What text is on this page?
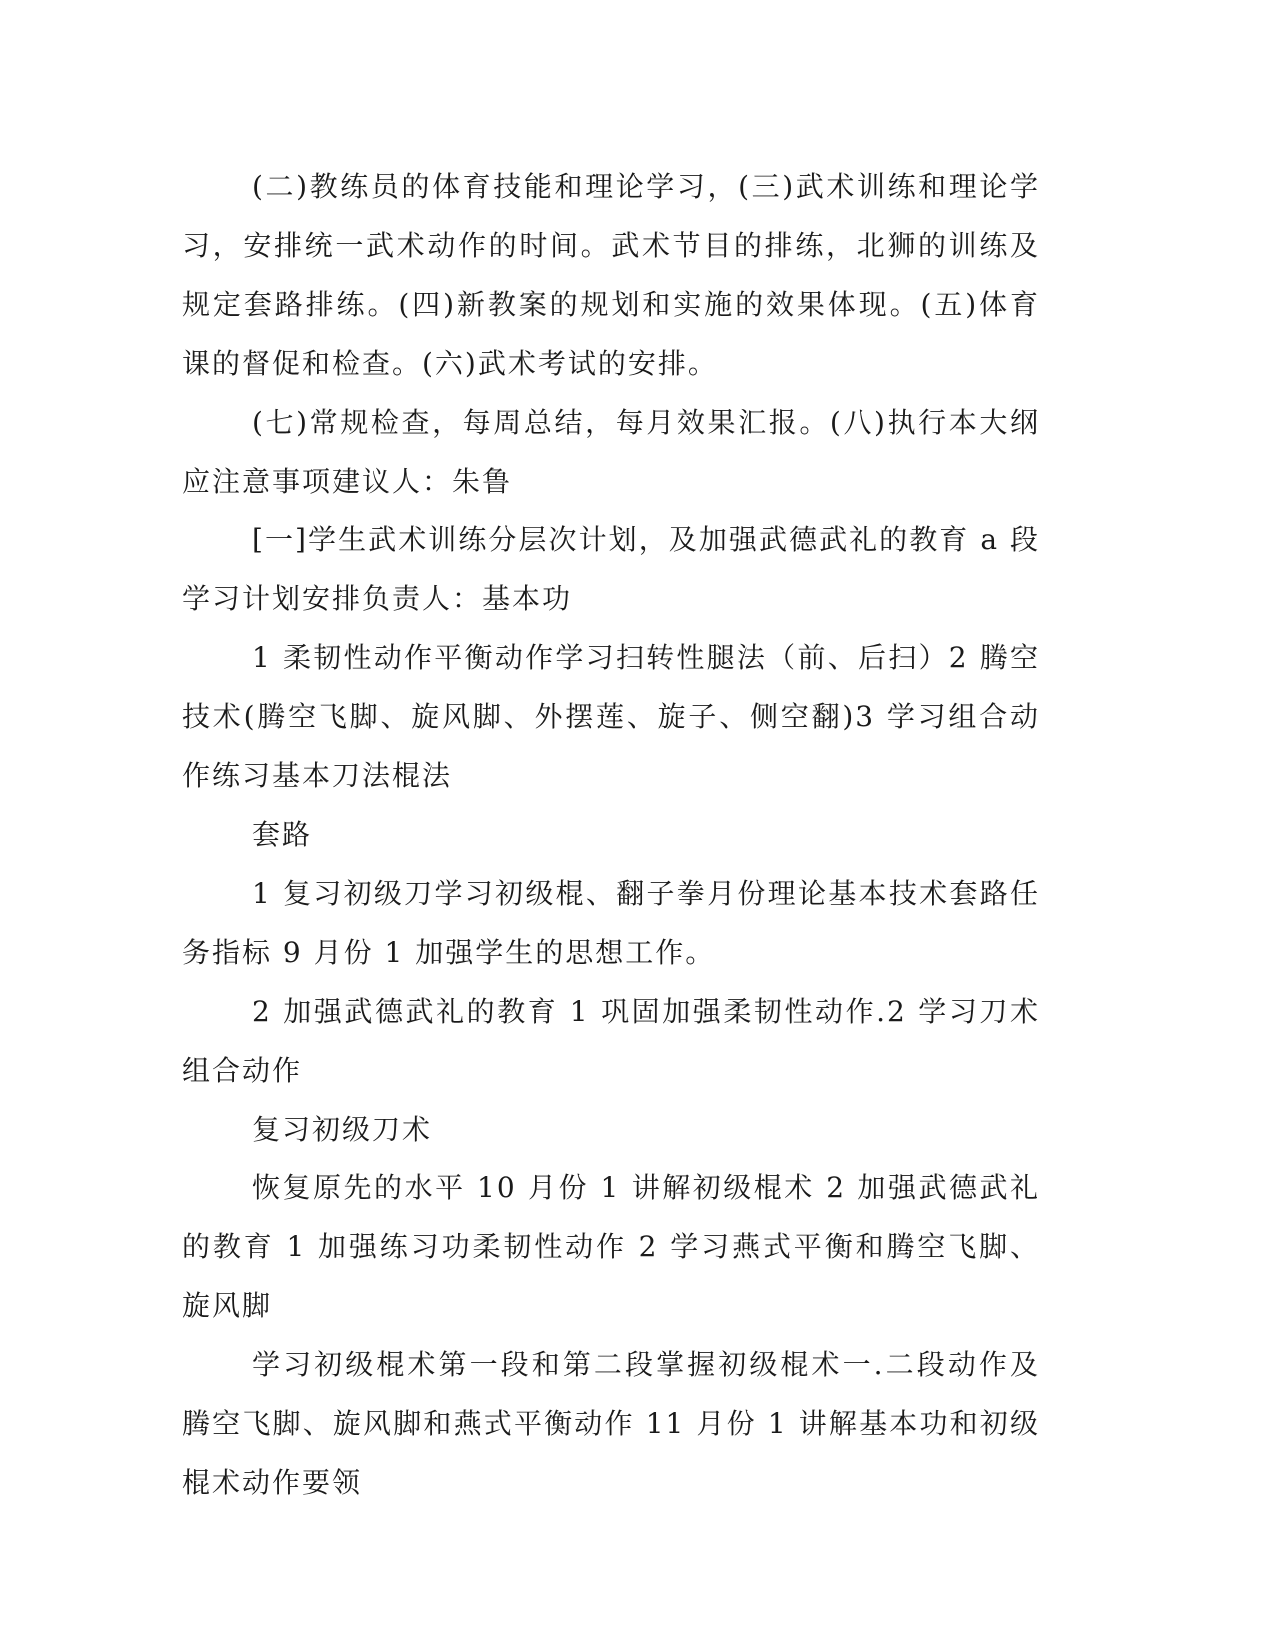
(二)教练员的体育技能和理论学习，(三)武术训练和理论学习，安排统一武术动作的时间。武术节目的排练，北狮的训练及规定套路排练。(四)新教案的规划和实施的效果体现。(五)体育课的督促和检查。(六)武术考试的安排。

(七)常规检查，每周总结，每月效果汇报。(八)执行本大纲应注意事项建议人：朱鲁

[一]学生武术训练分层次计划，及加强武德武礼的教育 a 段学习计划安排负责人：基本功

1 柔韧性动作平衡动作学习扫转性腿法（前、后扫）2 腾空技术(腾空飞脚、旋风脚、外摆莲、旋子、侧空翻)3 学习组合动作练习基本刀法棍法

套路

1 复习初级刀学习初级棍、翻子拳月份理论基本技术套路任务指标 9 月份 1 加强学生的思想工作。

2 加强武德武礼的教育 1 巩固加强柔韧性动作.2 学习刀术组合动作

复习初级刀术

恢复原先的水平 10 月份 1 讲解初级棍术 2 加强武德武礼的教育 1 加强练习功柔韧性动作 2 学习燕式平衡和腾空飞脚、旋风脚

学习初级棍术第一段和第二段掌握初级棍术一.二段动作及腾空飞脚、旋风脚和燕式平衡动作 11 月份 1 讲解基本功和初级棍术动作要领
